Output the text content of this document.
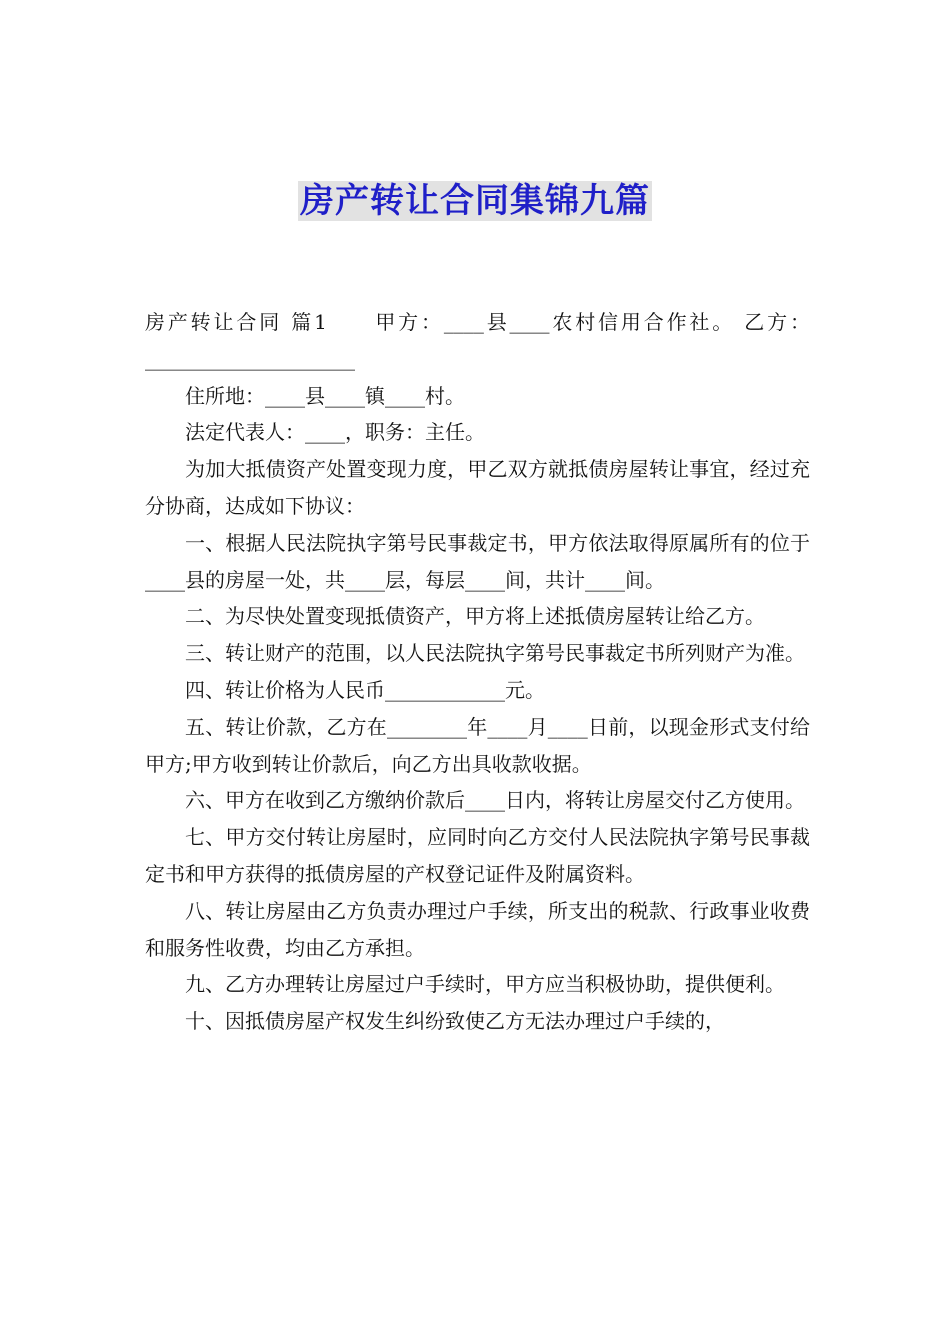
房产转让合同集锦九篇

房产转让合同 篇1　　甲方：____县____农村信用合作社。 乙方：_____________________

住所地：____县____镇____村。

法定代表人：____，职务：主任。

为加大抵债资产处置变现力度，甲乙双方就抵债房屋转让事宜，经过充分协商，达成如下协议：

一、根据人民法院执字第号民事裁定书，甲方依法取得原属所有的位于____县的房屋一处，共____层，每层____间，共计____间。

二、为尽快处置变现抵债资产，甲方将上述抵债房屋转让给乙方。

三、转让财产的范围，以人民法院执字第号民事裁定书所列财产为准。

四、转让价格为人民币____________元。

五、转让价款，乙方在________年____月____日前，以现金形式支付给甲方;甲方收到转让价款后，向乙方出具收款收据。

六、甲方在收到乙方缴纳价款后____日内，将转让房屋交付乙方使用。

七、甲方交付转让房屋时，应同时向乙方交付人民法院执字第号民事裁定书和甲方获得的抵债房屋的产权登记证件及附属资料。

八、转让房屋由乙方负责办理过户手续，所支出的税款、行政事业收费和服务性收费，均由乙方承担。

九、乙方办理转让房屋过户手续时，甲方应当积极协助，提供便利。

十、因抵债房屋产权发生纠纷致使乙方无法办理过户手续的，
